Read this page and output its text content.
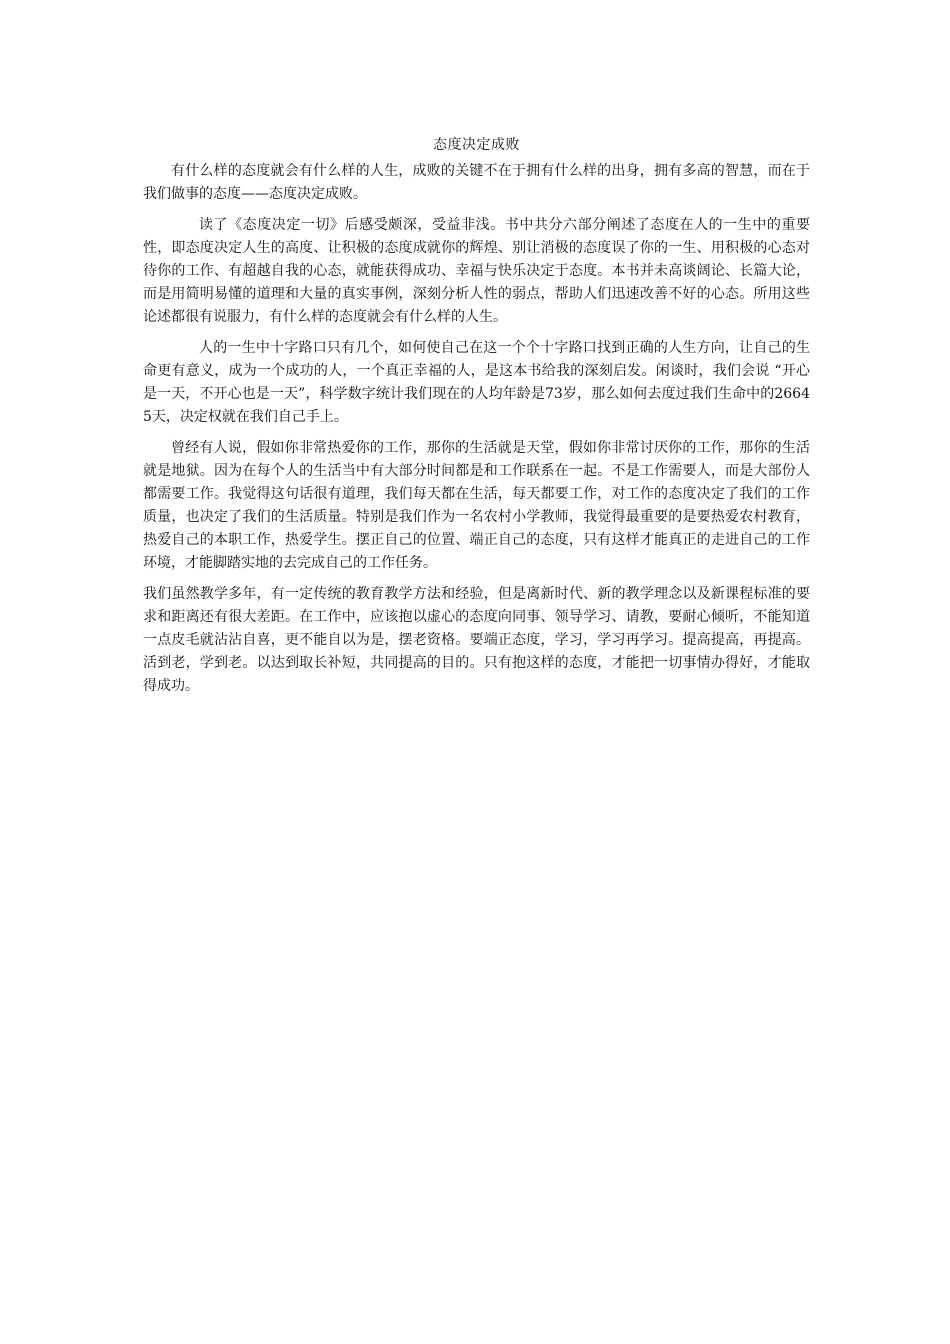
态度决定成败

有什么样的态度就会有什么样的人生，成败的关键不在于拥有什么样的出身，拥有多高的智慧，而在于我们做事的态度——态度决定成败。

读了《态度决定一切》后感受颇深，受益非浅。书中共分六部分阐述了态度在人的一生中的重要性，即态度决定人生的高度、让积极的态度成就你的辉煌、别让消极的态度误了你的一生、用积极的心态对待你的工作、有超越自我的心态，就能获得成功、幸福与快乐决定于态度。本书并未高谈阔论、长篇大论，而是用简明易懂的道理和大量的真实事例，深刻分析人性的弱点，帮助人们迅速改善不好的心态。所用这些论述都很有说服力，有什么样的态度就会有什么样的人生。

人的一生中十字路口只有几个，如何使自己在这一个个十字路口找到正确的人生方向，让自己的生命更有意义，成为一个成功的人，一个真正幸福的人，是这本书给我的深刻启发。闲谈时，我们会说 “开心是一天，不开心也是一天”，科学数字统计我们现在的人均年龄是73岁，那么如何去度过我们生命中的26645天，决定权就在我们自己手上。

曾经有人说，假如你非常热爱你的工作，那你的生活就是天堂，假如你非常讨厌你的工作，那你的生活就是地狱。因为在每个人的生活当中有大部分时间都是和工作联系在一起。不是工作需要人，而是大部份人都需要工作。我觉得这句话很有道理，我们每天都在生活，每天都要工作，对工作的态度决定了我们的工作质量，也决定了我们的生活质量。特别是我们作为一名农村小学教师，我觉得最重要的是要热爱农村教育，热爱自己的本职工作，热爱学生。摆正自己的位置、端正自己的态度，只有这样才能真正的走进自己的工作环境，才能脚踏实地的去完成自己的工作任务。

我们虽然教学多年，有一定传统的教育教学方法和经验，但是离新时代、新的教学理念以及新课程标准的要求和距离还有很大差距。在工作中，应该抱以虚心的态度向同事、领导学习、请教，要耐心倾听，不能知道一点皮毛就沾沾自喜，更不能自以为是，摆老资格。要端正态度，学习，学习再学习。提高提高，再提高。活到老，学到老。以达到取长补短，共同提高的目的。只有抱这样的态度，才能把一切事情办得好，才能取得成功。
